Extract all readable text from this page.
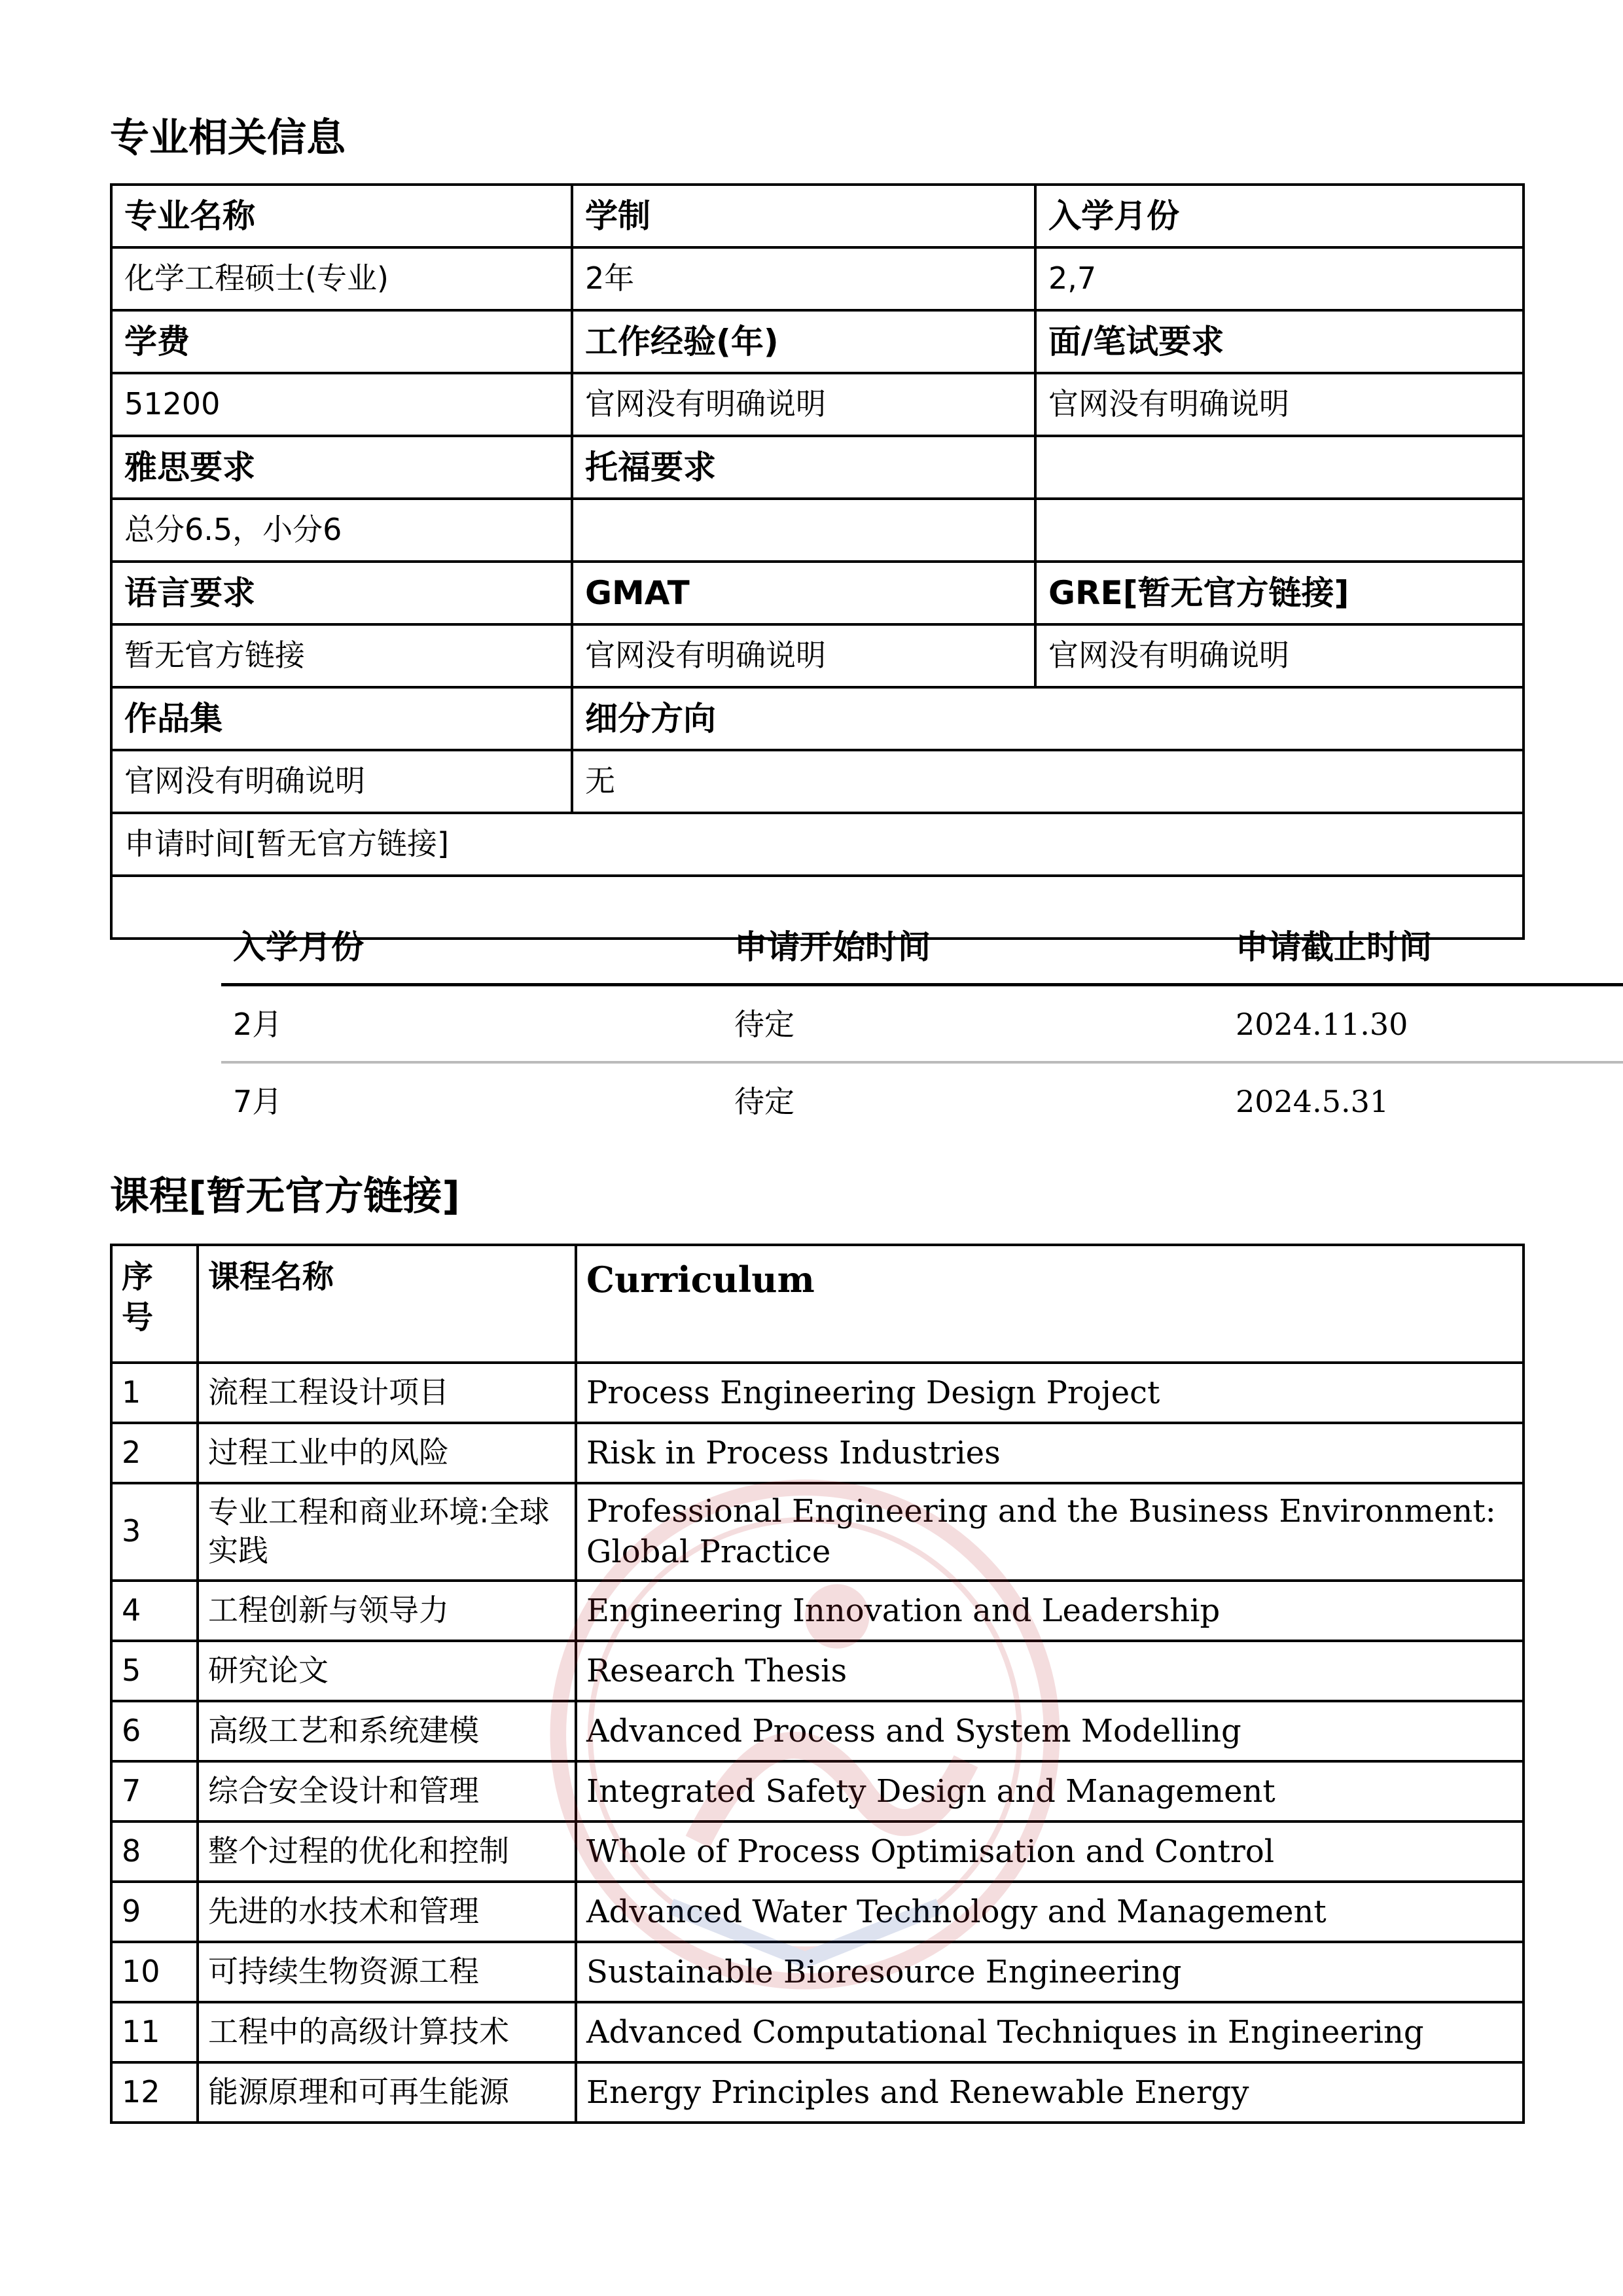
专业相关信息
专业名称	学制	入学月份
化学工程硕士(专业)	2年	2,7
学费	工作经验(年)	面/笔试要求
51200	官网没有明确说明	官网没有明确说明
雅思要求	托福要求	
总分6.5，小分6		
语言要求	GMAT	GRE[暂无官方链接]
暂无官方链接	官网没有明确说明	官网没有明确说明
作品集	细分方向
官网没有明确说明	无
申请时间[暂无官方链接]

入学月份	申请开始时间	申请截止时间
2月	待定	2024.11.30
7月	待定	2024.5.31
课程[暂无官方链接]
序号	课程名称	Curriculum
1	流程工程设计项目	Process Engineering Design Project
2	过程工业中的风险	Risk in Process Industries
3	专业工程和商业环境:全球实践	Professional Engineering and the Business Environment: Global Practice
4	工程创新与领导力	Engineering Innovation and Leadership
5	研究论文	Research Thesis
6	高级工艺和系统建模	Advanced Process and System Modelling
7	综合安全设计和管理	Integrated Safety Design and Management
8	整个过程的优化和控制	Whole of Process Optimisation and Control
9	先进的水技术和管理	Advanced Water Technology and Management
10	可持续生物资源工程	Sustainable Bioresource Engineering
11	工程中的高级计算技术	Advanced Computational Techniques in Engineering
12	能源原理和可再生能源	Energy Principles and Renewable Energy
